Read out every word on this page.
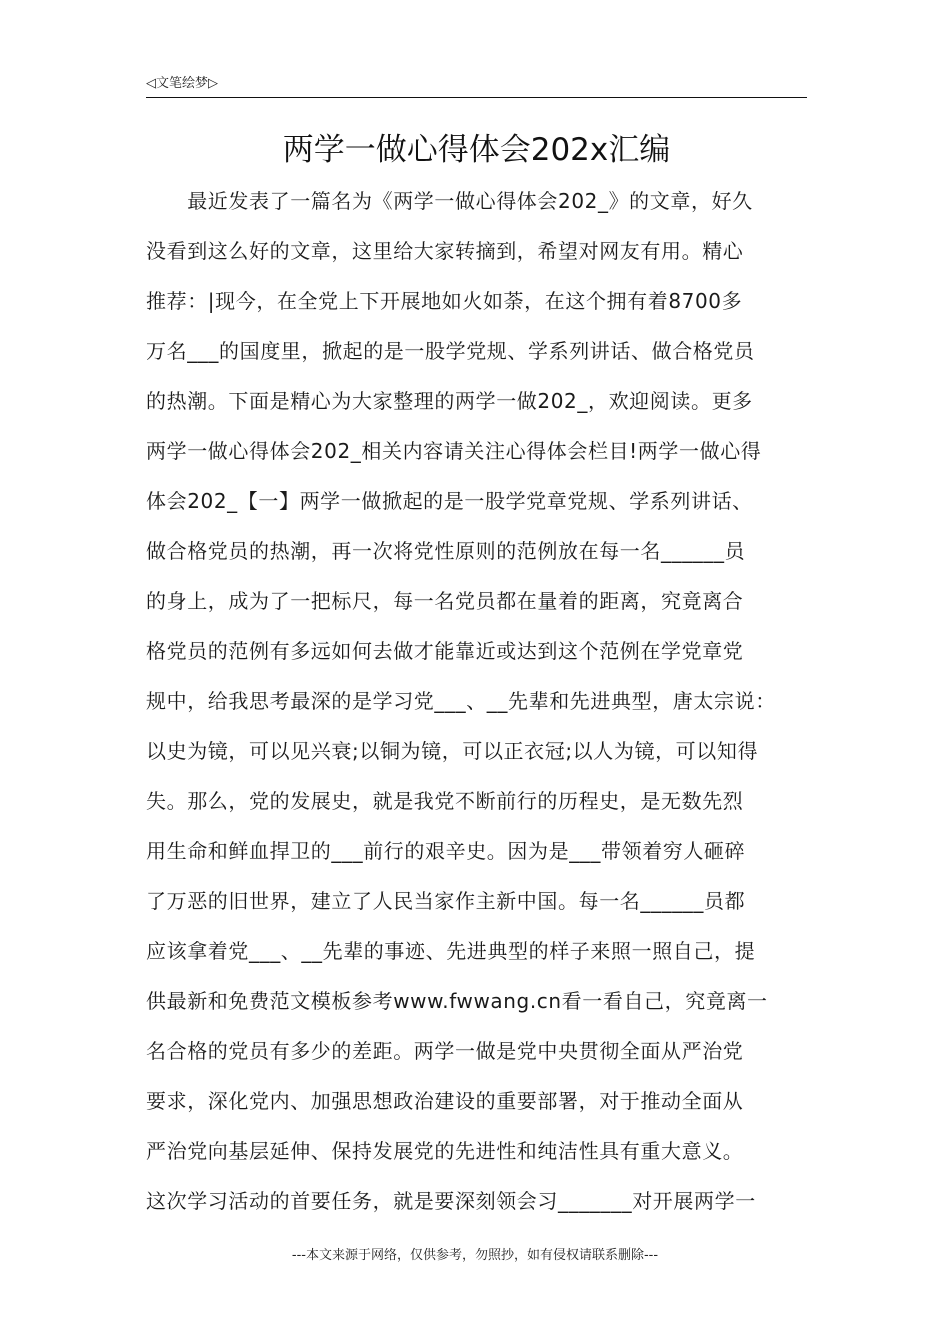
◁文笔绘梦▷
两学一做心得体会202x汇编
　　最近发表了一篇名为《两学一做心得体会202_》的文章，好久
没看到这么好的文章，这里给大家转摘到，希望对网友有用。精心
推荐：|现今，在全党上下开展地如火如荼，在这个拥有着8700多
万名___的国度里，掀起的是一股学党规、学系列讲话、做合格党员
的热潮。下面是精心为大家整理的两学一做202_，欢迎阅读。更多
两学一做心得体会202_相关内容请关注心得体会栏目!两学一做心得
体会202_【一】两学一做掀起的是一股学党章党规、学系列讲话、
做合格党员的热潮，再一次将党性原则的范例放在每一名______员
的身上，成为了一把标尺，每一名党员都在量着的距离，究竟离合
格党员的范例有多远如何去做才能靠近或达到这个范例在学党章党
规中，给我思考最深的是学习党___、__先辈和先进典型，唐太宗说：
以史为镜，可以见兴衰;以铜为镜，可以正衣冠;以人为镜，可以知得
失。那么，党的发展史，就是我党不断前行的历程史，是无数先烈
用生命和鲜血捍卫的___前行的艰辛史。因为是___带领着穷人砸碎
了万恶的旧世界，建立了人民当家作主新中国。每一名______员都
应该拿着党___、__先辈的事迹、先进典型的样子来照一照自己，提
供最新和免费范文模板参考www.fwwang.cn看一看自己，究竟离一
名合格的党员有多少的差距。两学一做是党中央贯彻全面从严治党
要求，深化党内、加强思想政治建设的重要部署，对于推动全面从
严治党向基层延伸、保持发展党的先进性和纯洁性具有重大意义。
这次学习活动的首要任务，就是要深刻领会习_______对开展两学一
---本文来源于网络，仅供参考，勿照抄，如有侵权请联系删除---
